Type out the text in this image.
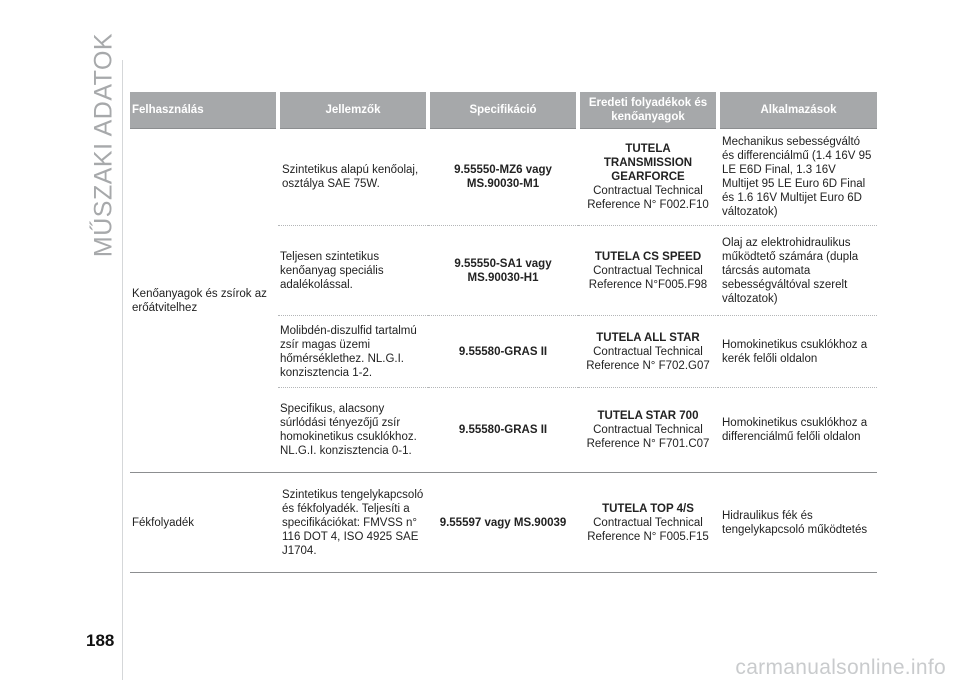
MŰSZAKI ADATOK Felhasználás	Jellemzők	Specifikáció	Eredeti folyadékok és kenőanyagok	Alkalmazások
Kenőanyagok és zsírok az erőátvitelhez	Szintetikus alapú kenőolaj, osztálya SAE 75W.	9.55550-MZ6 vagy MS.90030-M1	TUTELA TRANSMISSION GEARFORCE
Contractual Technical Reference N° F002.F10	Mechanikus sebességváltó és differenciálmű (1.4 16V 95 LE E6D Final, 1.3 16V Multijet 95 LE Euro 6D Final és 1.6 16V Multijet Euro 6D változatok)
	Teljesen szintetikus kenőanyag speciális adalékolással.	9.55550-SA1 vagy MS.90030-H1	TUTELA CS SPEED
Contractual Technical Reference N°F005.F98	Olaj az elektrohidraulikus működtető számára (dupla tárcsás automata sebességváltóval szerelt változatok)
	Molibdén-diszulfid tartalmú zsír magas üzemi hőmérséklethez. NL.G.I. konzisztencia 1-2.	9.55580-GRAS II	TUTELA ALL STAR
Contractual Technical Reference N° F702.G07	Homokinetikus csuklókhoz a kerék felőli oldalon
	Specifikus, alacsony súrlódási tényezőjű zsír homokinetikus csuklókhoz. NL.G.I. konzisztencia 0-1.	9.55580-GRAS II	TUTELA STAR 700
Contractual Technical Reference N° F701.C07	Homokinetikus csuklókhoz a differenciálmű felőli oldalon
Fékfolyadék	Szintetikus tengelykapcsoló és fékfolyadék. Teljesíti a specifikációkat: FMVSS n° 116 DOT 4, ISO 4925 SAE J1704.	9.55597 vagy MS.90039	TUTELA TOP 4/S
Contractual Technical Reference N° F005.F15	Hidraulikus fék és tengelykapcsoló működtetés
188
carmanualsonline.info
